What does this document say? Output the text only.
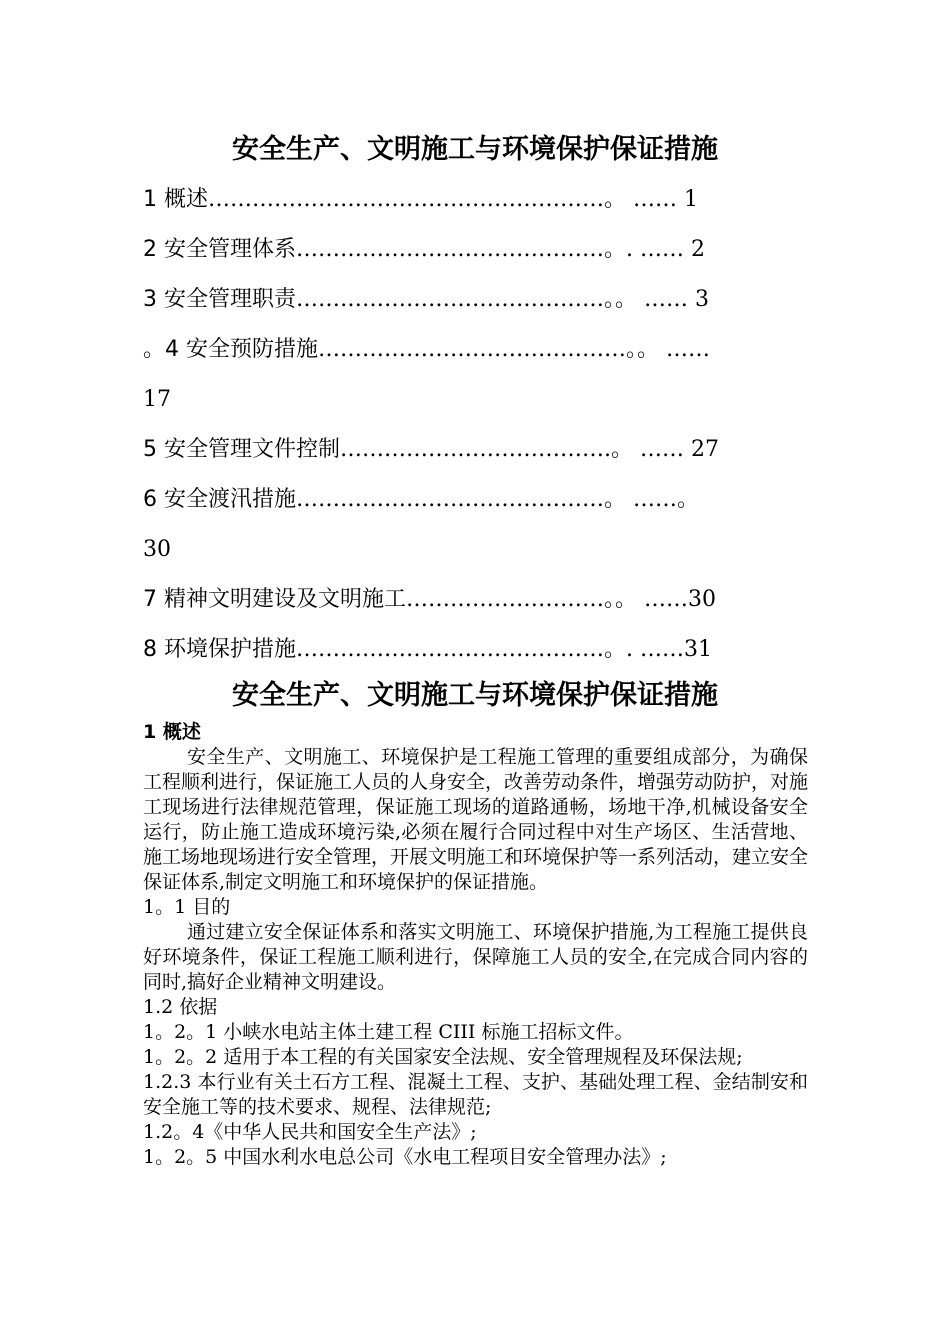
安全生产、文明施工与环境保护保证措施
1 概述………………………………………………。 …… 1
2 安全管理体系……………………………………。. …… 2
3 安全管理职责……………………………………。。 …… 3
。4 安全预防措施……………………………………。。 ……
17
5 安全管理文件控制……………………………….。 …… 27
6 安全渡汛措施……………………………………。 ……。
30
7 精神文明建设及文明施工………………………。。 ……30
8 环境保护措施……………………………………。. ……31
安全生产、文明施工与环境保护保证措施

1 概述

安全生产、文明施工、环境保护是工程施工管理的重要组成部分，为确保工程顺利进行，保证施工人员的人身安全，改善劳动条件，增强劳动防护，对施工现场进行法律规范管理，保证施工现场的道路通畅，场地干净,机械设备安全运行，防止施工造成环境污染,必须在履行合同过程中对生产场区、生活营地、施工场地现场进行安全管理，开展文明施工和环境保护等一系列活动，建立安全保证体系,制定文明施工和环境保护的保证措施。

1。1 目的

通过建立安全保证体系和落实文明施工、环境保护措施,为工程施工提供良好环境条件，保证工程施工顺利进行，保障施工人员的安全,在完成合同内容的同时,搞好企业精神文明建设。

1.2 依据

1。2。1 小峡水电站主体土建工程 CIII 标施工招标文件。

1。2。2 适用于本工程的有关国家安全法规、安全管理规程及环保法规;

1.2.3 本行业有关土石方工程、混凝土工程、支护、基础处理工程、金结制安和安全施工等的技术要求、规程、法律规范;

1.2。4《中华人民共和国安全生产法》;

1。2。5 中国水利水电总公司《水电工程项目安全管理办法》;
